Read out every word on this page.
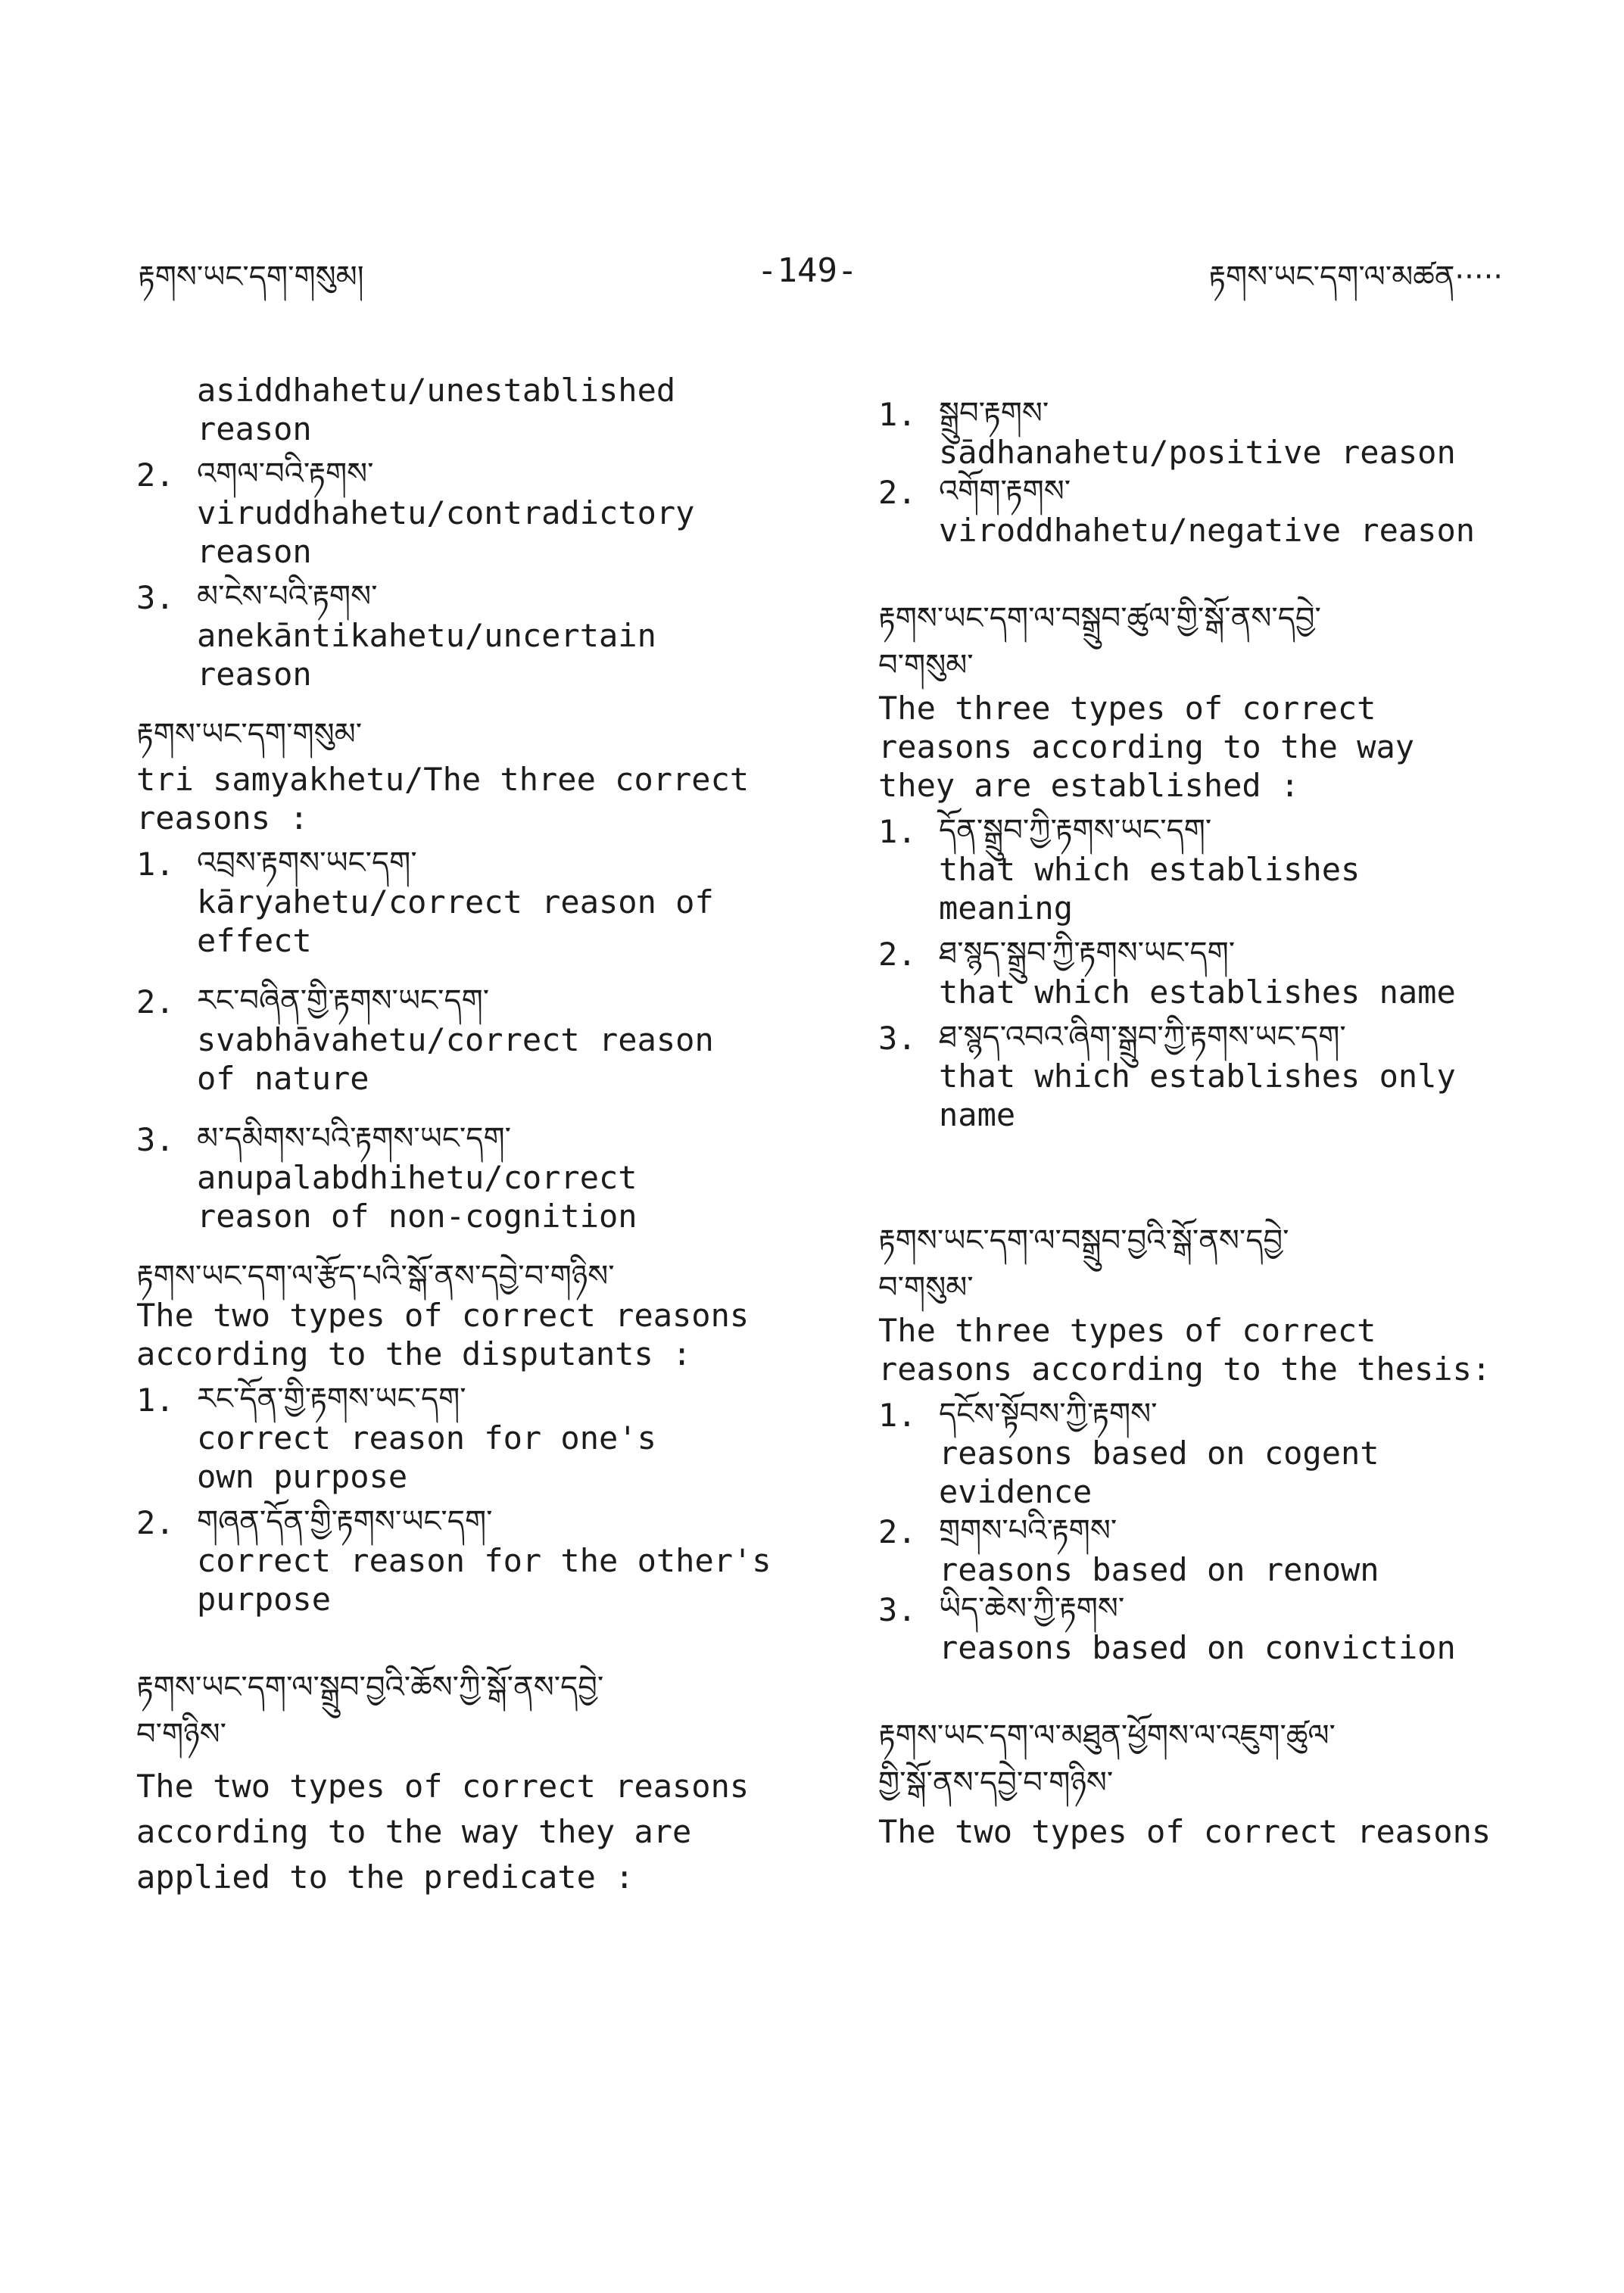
རྟགས་ཡང་དག་གསུམ།	-149-	རྟགས་ཡང་དག་ལ་མཚན·····
asiddhahetu/unestablished
reason
2. འགལ་བའི་རྟགས་
viruddhahetu/contradictory
reason
3. མ་ངེས་པའི་རྟགས་
anekāntikahetu/uncertain
reason
རྟགས་ཡང་དག་གསུམ་
tri samyakhetu/The three correct
reasons :
1. འབྲས་རྟགས་ཡང་དག་
kāryahetu/correct reason of
effect
2. རང་བཞིན་གྱི་རྟགས་ཡང་དག་
svabhāvahetu/correct reason
of nature
3. མ་དམིགས་པའི་རྟགས་ཡང་དག་
anupalabdhihetu/correct
reason of non-cognition
རྟགས་ཡང་དག་ལ་རྩོད་པའི་སྒོ་ནས་དབྱེ་བ་གཉིས་
The two types of correct reasons
according to the disputants :
1. རང་དོན་གྱི་རྟགས་ཡང་དག་
correct reason for one's
own purpose
2. གཞན་དོན་གྱི་རྟགས་ཡང་དག་
correct reason for the other's
purpose
རྟགས་ཡང་དག་ལ་སྒྲུབ་བྱའི་ཆོས་ཀྱི་སྒོ་ནས་དབྱེ་
བ་གཉིས་
The two types of correct reasons
according to the way they are
applied to the predicate :
1. སྒྲུབ་རྟགས་
sādhanahetu/positive reason
2. འགོག་རྟགས་
viroddhahetu/negative reason
རྟགས་ཡང་དག་ལ་བསྒྲུབ་ཚུལ་གྱི་སྒོ་ནས་དབྱེ་
བ་གསུམ་
The three types of correct
reasons according to the way
they are established :
1. དོན་སྒྲུབ་ཀྱི་རྟགས་ཡང་དག་
that which establishes
meaning
2. ཐ་སྙད་སྒྲུབ་ཀྱི་རྟགས་ཡང་དག་
that which establishes name
3. ཐ་སྙད་འབའ་ཞིག་སྒྲུབ་ཀྱི་རྟགས་ཡང་དག་
that which establishes only
name
རྟགས་ཡང་དག་ལ་བསྒྲུབ་བྱའི་སྒོ་ནས་དབྱེ་
བ་གསུམ་
The three types of correct
reasons according to the thesis:
1. དངོས་སྟོབས་ཀྱི་རྟགས་
reasons based on cogent
evidence
2. གྲགས་པའི་རྟགས་
reasons based on renown
3. ཡིད་ཆེས་ཀྱི་རྟགས་
reasons based on conviction
རྟགས་ཡང་དག་ལ་མཐུན་ཕྱོགས་ལ་འཇུག་ཚུལ་
གྱི་སྒོ་ནས་དབྱེ་བ་གཉིས་
The two types of correct reasons
